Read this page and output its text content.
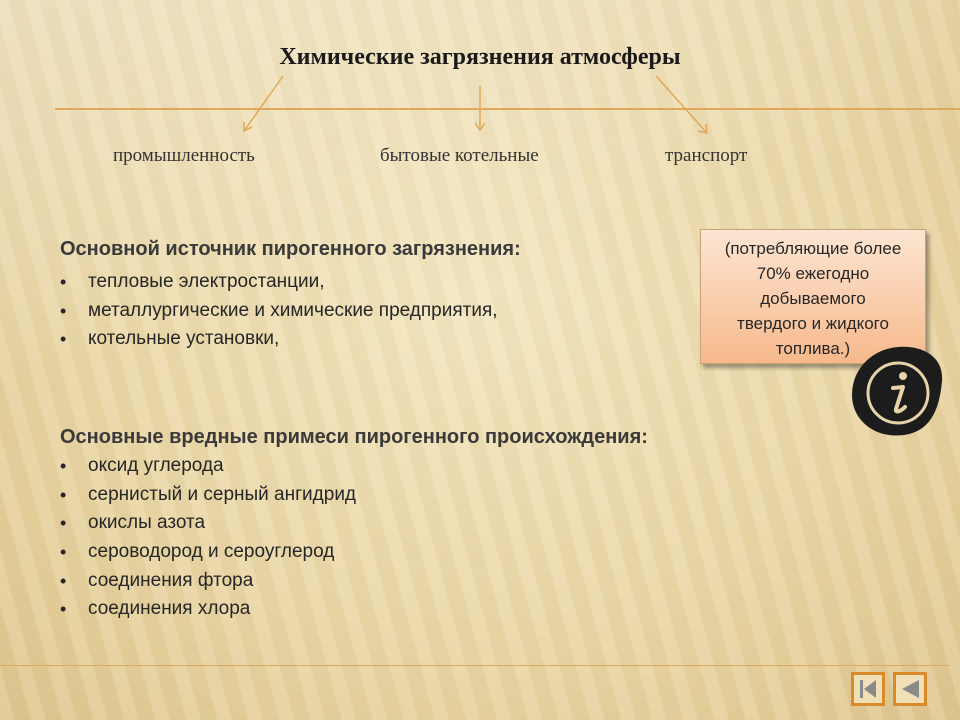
Химические загрязнения атмосферы
промышленность	бытовые котельные	транспорт
Основной источник пирогенного загрязнения:
• тепловые электростанции,
• металлургические и химические предприятия,
• котельные установки,
(потребляющие более
70% ежегодно
добываемого
твердого и жидкого
топлива.)
Основные вредные примеси пирогенного происхождения:
• оксид углерода
• сернистый и серный ангидрид
• окислы азота
• сероводород и сероуглерод
• соединения фтора
• соединения хлора
